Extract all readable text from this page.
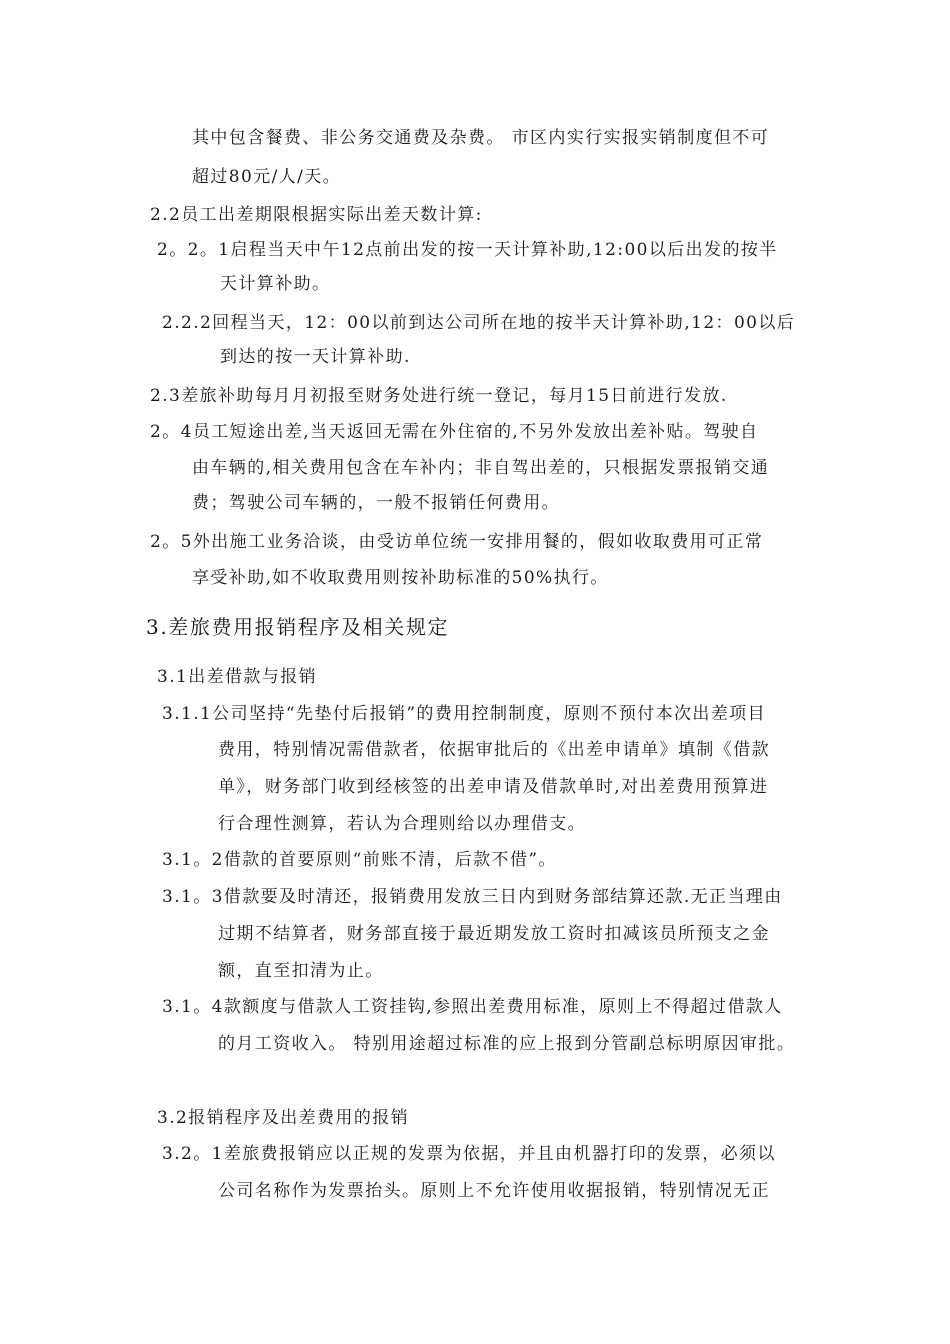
其中包含餐费、非公务交通费及杂费。 市区内实行实报实销制度但不可
超过80元/人/天。
2.2员工出差期限根据实际出差天数计算:
2。2。1启程当天中午12点前出发的按一天计算补助,12:00以后出发的按半
天计算补助。
2.2.2回程当天，12：00以前到达公司所在地的按半天计算补助,12：00以后
到达的按一天计算补助.
2.3差旅补助每月月初报至财务处进行统一登记，每月15日前进行发放.
2。4员工短途出差,当天返回无需在外住宿的,不另外发放出差补贴。驾驶自
由车辆的,相关费用包含在车补内；非自驾出差的，只根据发票报销交通
费；驾驶公司车辆的，一般不报销任何费用。
2。5外出施工业务洽谈，由受访单位统一安排用餐的，假如收取费用可正常
享受补助,如不收取费用则按补助标准的50%执行。
3.差旅费用报销程序及相关规定
3.1出差借款与报销
3.1.1公司坚持“先垫付后报销”的费用控制制度，原则不预付本次出差项目
费用，特别情况需借款者，依据审批后的《出差申请单》填制《借款
单》，财务部门收到经核签的出差申请及借款单时,对出差费用预算进
行合理性测算，若认为合理则给以办理借支。
3.1。2借款的首要原则“前账不清，后款不借”。
3.1。3借款要及时清还，报销费用发放三日内到财务部结算还款.无正当理由
过期不结算者，财务部直接于最近期发放工资时扣减该员所预支之金
额，直至扣清为止。
3.1。4款额度与借款人工资挂钩,参照出差费用标准，原则上不得超过借款人
的月工资收入。 特别用途超过标准的应上报到分管副总标明原因审批。
3.2报销程序及出差费用的报销
3.2。1差旅费报销应以正规的发票为依据，并且由机器打印的发票，必须以
公司名称作为发票抬头。原则上不允许使用收据报销，特别情况无正
